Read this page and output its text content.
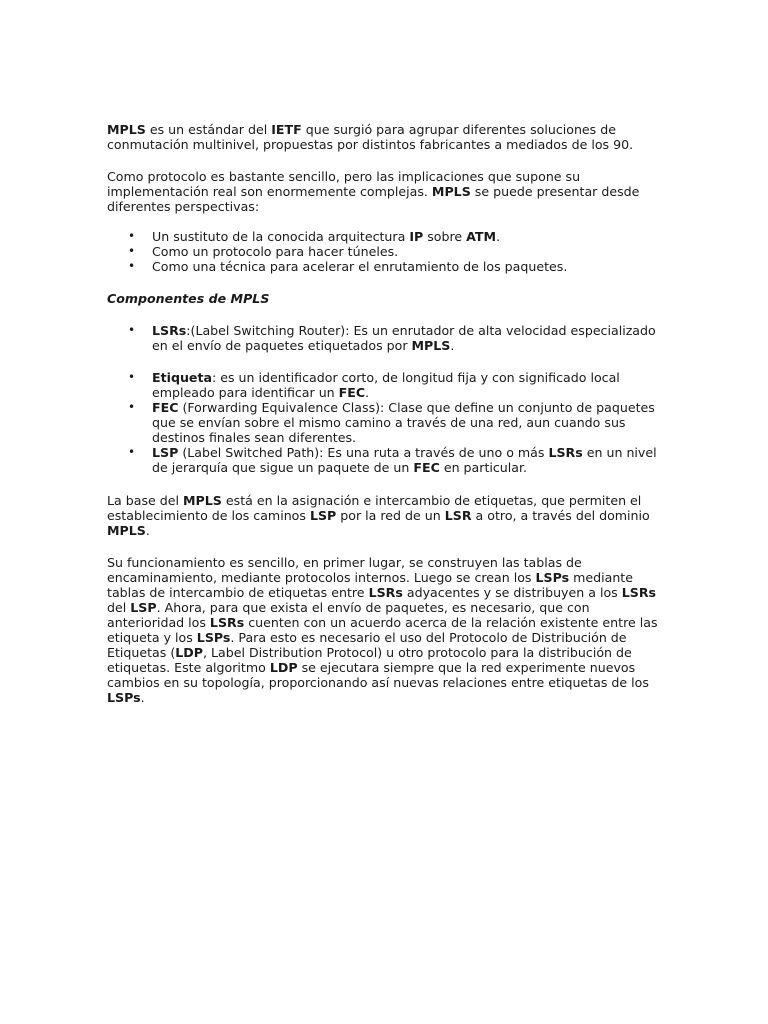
MPLS es un estándar del IETF que surgió para agrupar diferentes soluciones de conmutación multinivel, propuestas por distintos fabricantes a mediados de los 90.

Como protocolo es bastante sencillo, pero las implicaciones que supone su implementación real son enormemente complejas. MPLS se puede presentar desde diferentes perspectivas:

• Un sustituto de la conocida arquitectura IP sobre ATM.
• Como un protocolo para hacer túneles.
• Como una técnica para acelerar el enrutamiento de los paquetes.

Componentes de MPLS

• LSRs:(Label Switching Router): Es un enrutador de alta velocidad especializado en el envío de paquetes etiquetados por MPLS.
• Etiqueta: es un identificador corto, de longitud fija y con significado local empleado para identificar un FEC.
• FEC (Forwarding Equivalence Class): Clase que define un conjunto de paquetes que se envían sobre el mismo camino a través de una red, aun cuando sus destinos finales sean diferentes.
• LSP (Label Switched Path): Es una ruta a través de uno o más LSRs en un nivel de jerarquía que sigue un paquete de un FEC en particular.

La base del MPLS está en la asignación e intercambio de etiquetas, que permiten el establecimiento de los caminos LSP por la red de un LSR a otro, a través del dominio MPLS.

Su funcionamiento es sencillo, en primer lugar, se construyen las tablas de encaminamiento, mediante protocolos internos. Luego se crean los LSPs mediante tablas de intercambio de etiquetas entre LSRs adyacentes y se distribuyen a los LSRs del LSP. Ahora, para que exista el envío de paquetes, es necesario, que con anterioridad los LSRs cuenten con un acuerdo acerca de la relación existente entre las etiqueta y los LSPs. Para esto es necesario el uso del Protocolo de Distribución de Etiquetas (LDP, Label Distribution Protocol) u otro protocolo para la distribución de etiquetas. Este algoritmo LDP se ejecutara siempre que la red experimente nuevos cambios en su topología, proporcionando así nuevas relaciones entre etiquetas de los LSPs.
